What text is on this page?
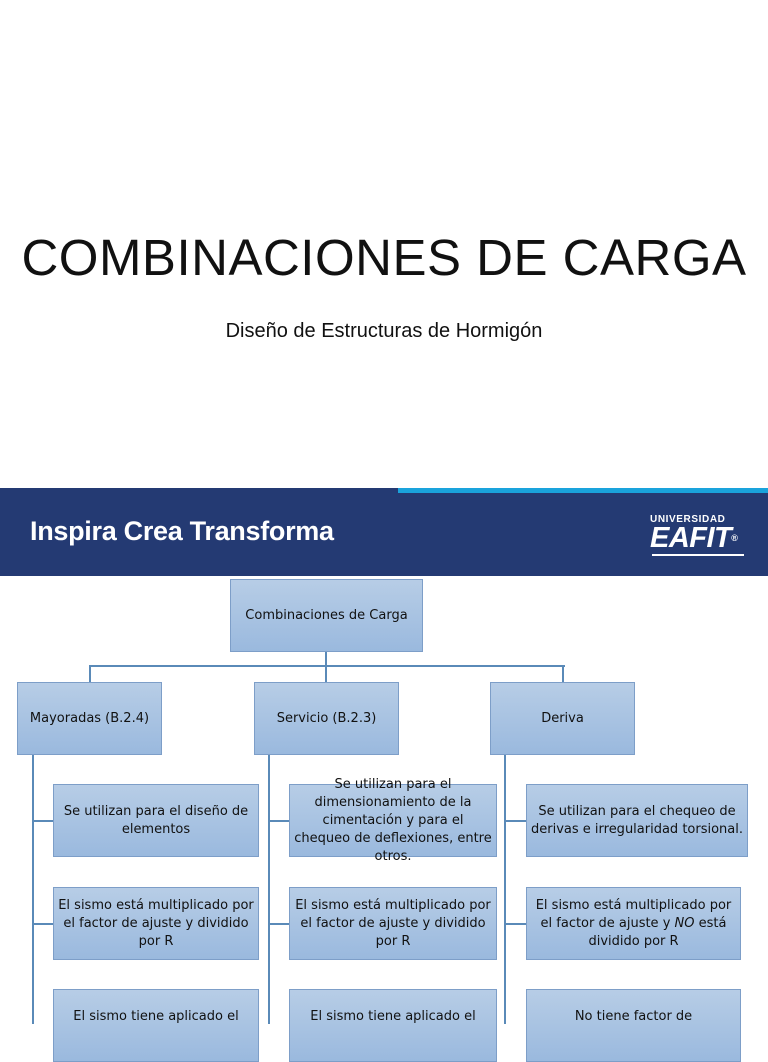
COMBINACIONES DE CARGA
Diseño de Estructuras de Hormigón
Inspira Crea Transforma	UNIVERSIDAD
EAFIT®
Combinaciones de Carga
Mayoradas (B.2.4)	Servicio (B.2.3)	Deriva
Se utilizan para el diseño de elementos
El sismo está multiplicado por el factor de ajuste y dividido por R
El sismo tiene aplicado el
Se utilizan para el dimensionamiento de la cimentación y para el chequeo de deflexiones, entre otros.
El sismo está multiplicado por el factor de ajuste y dividido por R
El sismo tiene aplicado el
Se utilizan para el chequeo de derivas e irregularidad torsional.
El sismo está multiplicado por el factor de ajuste y NO está dividido por R
No tiene factor de
